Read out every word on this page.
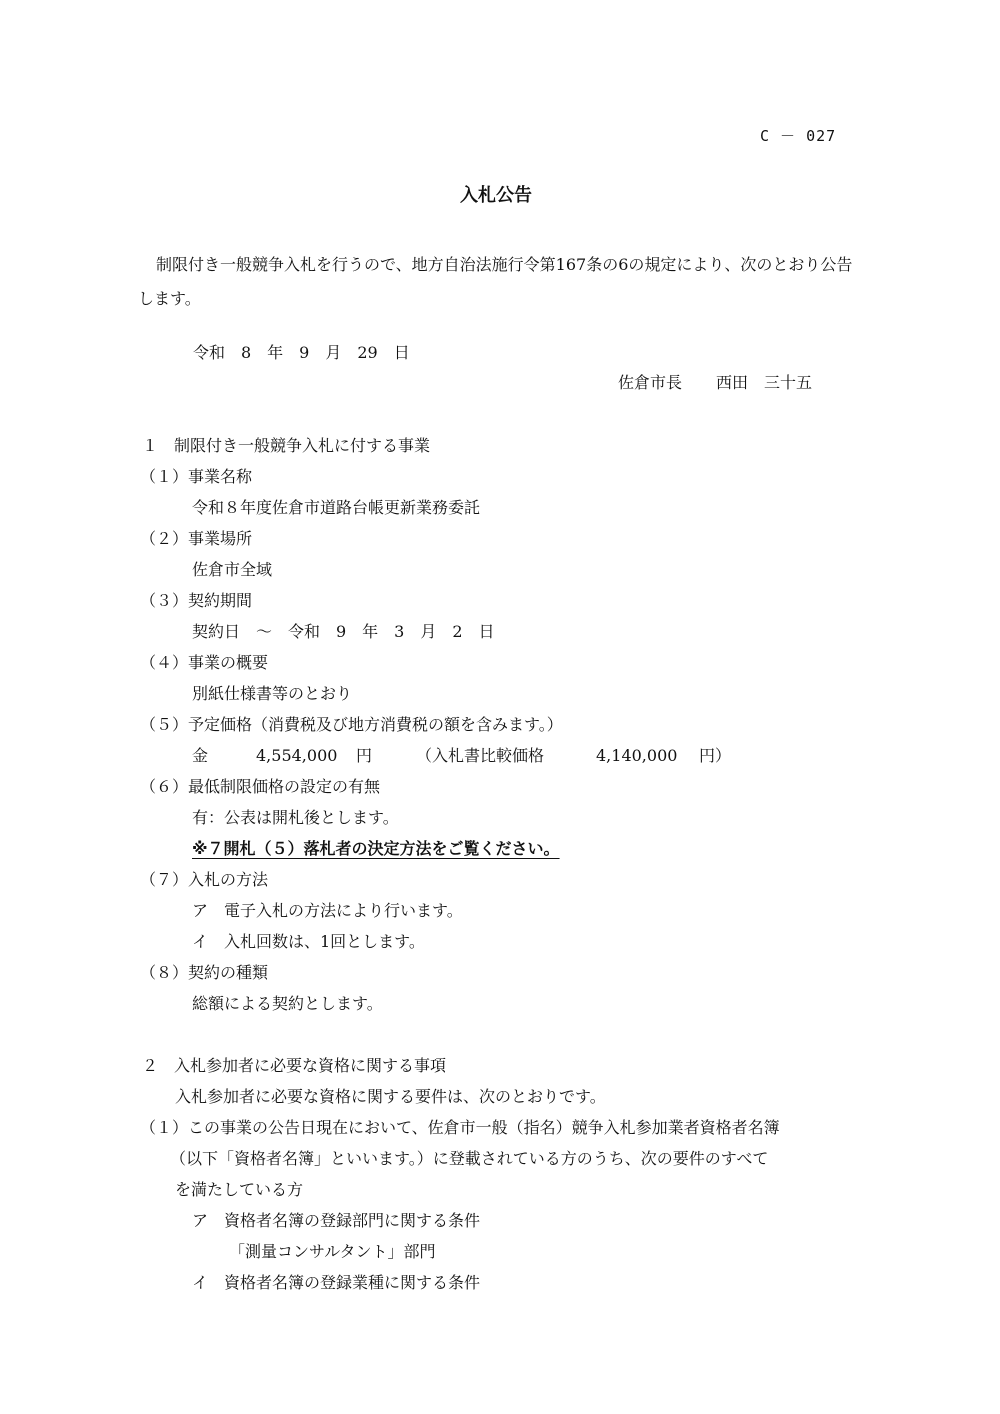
C － 027
入札公告
制限付き一般競争入札を行うので、地方自治法施行令第167条の6の規定により、次のとおり公告します。
令和　8　年　9　月　29　日
佐倉市長 西田　三十五
１　制限付き一般競争入札に付する事業
（１）事業名称
令和８年度佐倉市道路台帳更新業務委託
（２）事業場所
佐倉市全域
（３）契約期間
契約日　～　令和　9　年　3　月　2　日
（４）事業の概要
別紙仕様書等のとおり
（５）予定価格（消費税及び地方消費税の額を含みます。）
金	4,554,000 円	（入札書比較価格	4,140,000 円）
（６）最低制限価格の設定の有無
有：公表は開札後とします。
※７開札（５）落札者の決定方法をご覧ください。
（７）入札の方法
ア　電子入札の方法により行います。
イ　入札回数は、1回とします。
（８）契約の種類
総額による契約とします。
２　入札参加者に必要な資格に関する事項
入札参加者に必要な資格に関する要件は、次のとおりです。
（１）この事業の公告日現在において、佐倉市一般（指名）競争入札参加業者資格者名簿
（以下「資格者名簿」といいます。）に登載されている方のうち、次の要件のすべて
を満たしている方
ア　資格者名簿の登録部門に関する条件
「測量コンサルタント」部門
イ　資格者名簿の登録業種に関する条件
